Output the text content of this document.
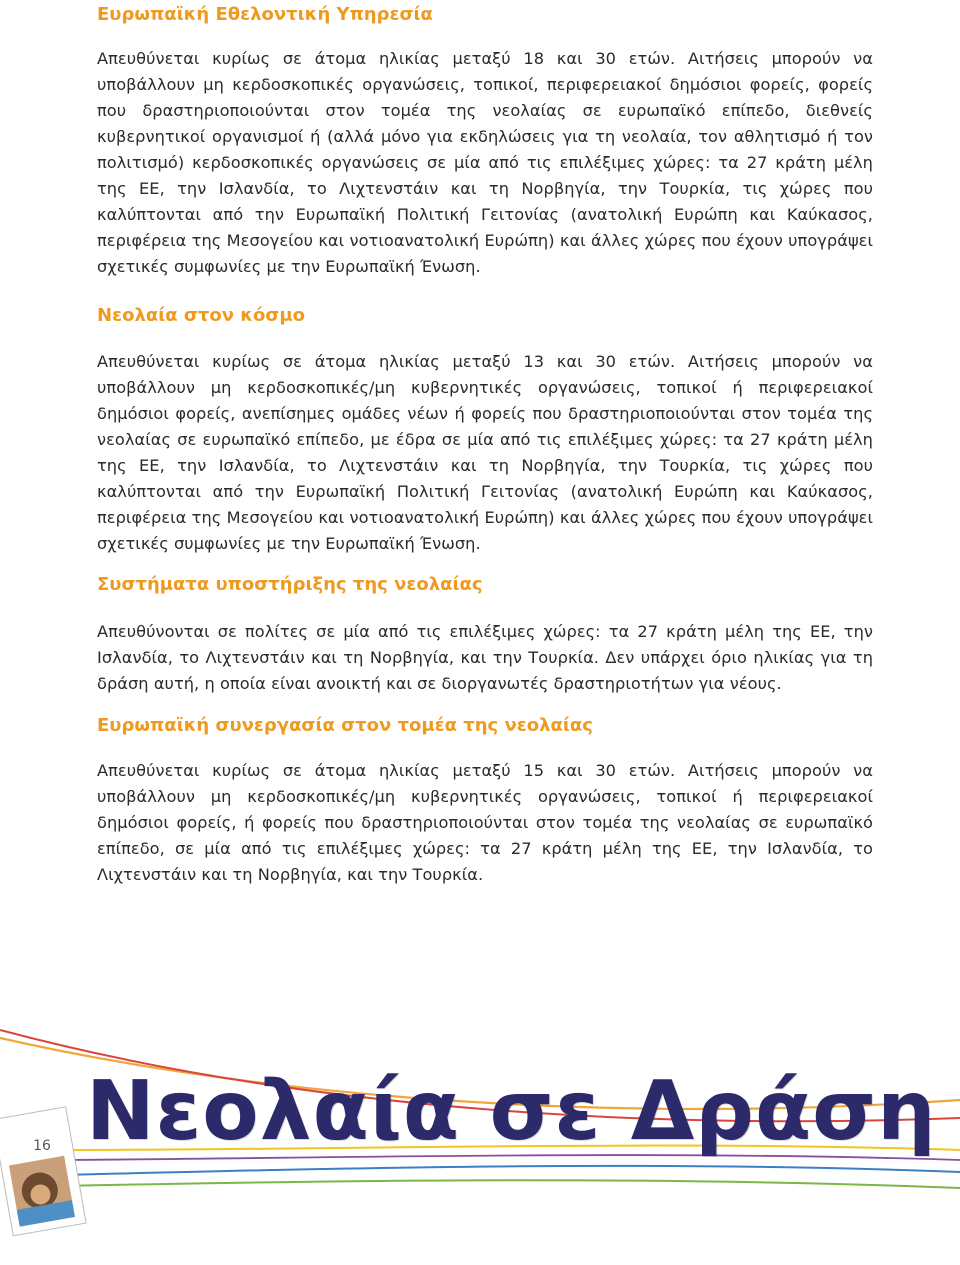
Ευρωπαϊκή Εθελοντική Υπηρεσία

Απευθύνεται κυρίως σε άτομα ηλικίας μεταξύ 18 και 30 ετών. Αιτήσεις μπορούν να υποβάλλουν μη κερδοσκοπικές οργανώσεις, τοπικοί, περιφερειακοί δημόσιοι φορείς, φορείς που δραστηριοποιούνται στον τομέα της νεολαίας σε ευρωπαϊκό επίπεδο, διεθνείς κυβερνητικοί οργανισμοί ή (αλλά μόνο για εκδηλώσεις για τη νεολαία, τον αθλητισμό ή τον πολιτισμό) κερδοσκοπικές οργανώσεις σε μία από τις επιλέξιμες χώρες: τα 27 κράτη μέλη της ΕΕ, την Ισλανδία, το Λιχτενστάιν και τη Νορβηγία, την Τουρκία, τις χώρες που καλύπτονται από την Ευρωπαϊκή Πολιτική Γειτονίας (ανατολική Ευρώπη και Καύκασος, περιφέρεια της Μεσογείου και νοτιοανατολική Ευρώπη) και άλλες χώρες που έχουν υπογράψει σχετικές συμφωνίες με την Ευρωπαϊκή Ένωση.

Νεολαία στον κόσμο

Απευθύνεται κυρίως σε άτομα ηλικίας μεταξύ 13 και 30 ετών. Αιτήσεις μπορούν να υποβάλλουν μη κερδοσκοπικές/μη κυβερνητικές οργανώσεις, τοπικοί ή περιφερειακοί δημόσιοι φορείς, ανεπίσημες ομάδες νέων ή φορείς που δραστηριοποιούνται στον τομέα της νεολαίας σε ευρωπαϊκό επίπεδο, με έδρα σε μία από τις επιλέξιμες χώρες: τα 27 κράτη μέλη της ΕΕ, την Ισλανδία, το Λιχτενστάιν και τη Νορβηγία, την Τουρκία, τις χώρες που καλύπτονται από την Ευρωπαϊκή Πολιτική Γειτονίας (ανατολική Ευρώπη και Καύκασος, περιφέρεια της Μεσογείου και νοτιοανατολική Ευρώπη) και άλλες χώρες που έχουν υπογράψει σχετικές συμφωνίες με την Ευρωπαϊκή Ένωση.

Συστήματα υποστήριξης της νεολαίας

Απευθύνονται σε πολίτες σε μία από τις επιλέξιμες χώρες: τα 27 κράτη μέλη της ΕΕ, την Ισλανδία, το Λιχτενστάιν και τη Νορβηγία, και την Τουρκία. Δεν υπάρχει όριο ηλικίας για τη δράση αυτή, η οποία είναι ανοικτή και σε διοργανωτές δραστηριοτήτων για νέους.

Ευρωπαϊκή συνεργασία στον τομέα της νεολαίας

Απευθύνεται κυρίως σε άτομα ηλικίας μεταξύ 15 και 30 ετών. Αιτήσεις μπορούν να υποβάλλουν μη κερδοσκοπικές/μη κυβερνητικές οργανώσεις, τοπικοί ή περιφερειακοί δημόσιοι φορείς, ή φορείς που δραστηριοποιούνται στον τομέα της νεολαίας σε ευρωπαϊκό επίπεδο, σε μία από τις επιλέξιμες χώρες: τα 27 κράτη μέλη της ΕΕ, την Ισλανδία, το Λιχτενστάιν και τη Νορβηγία, και την Τουρκία.

16 Νεολαία σε Δράση
